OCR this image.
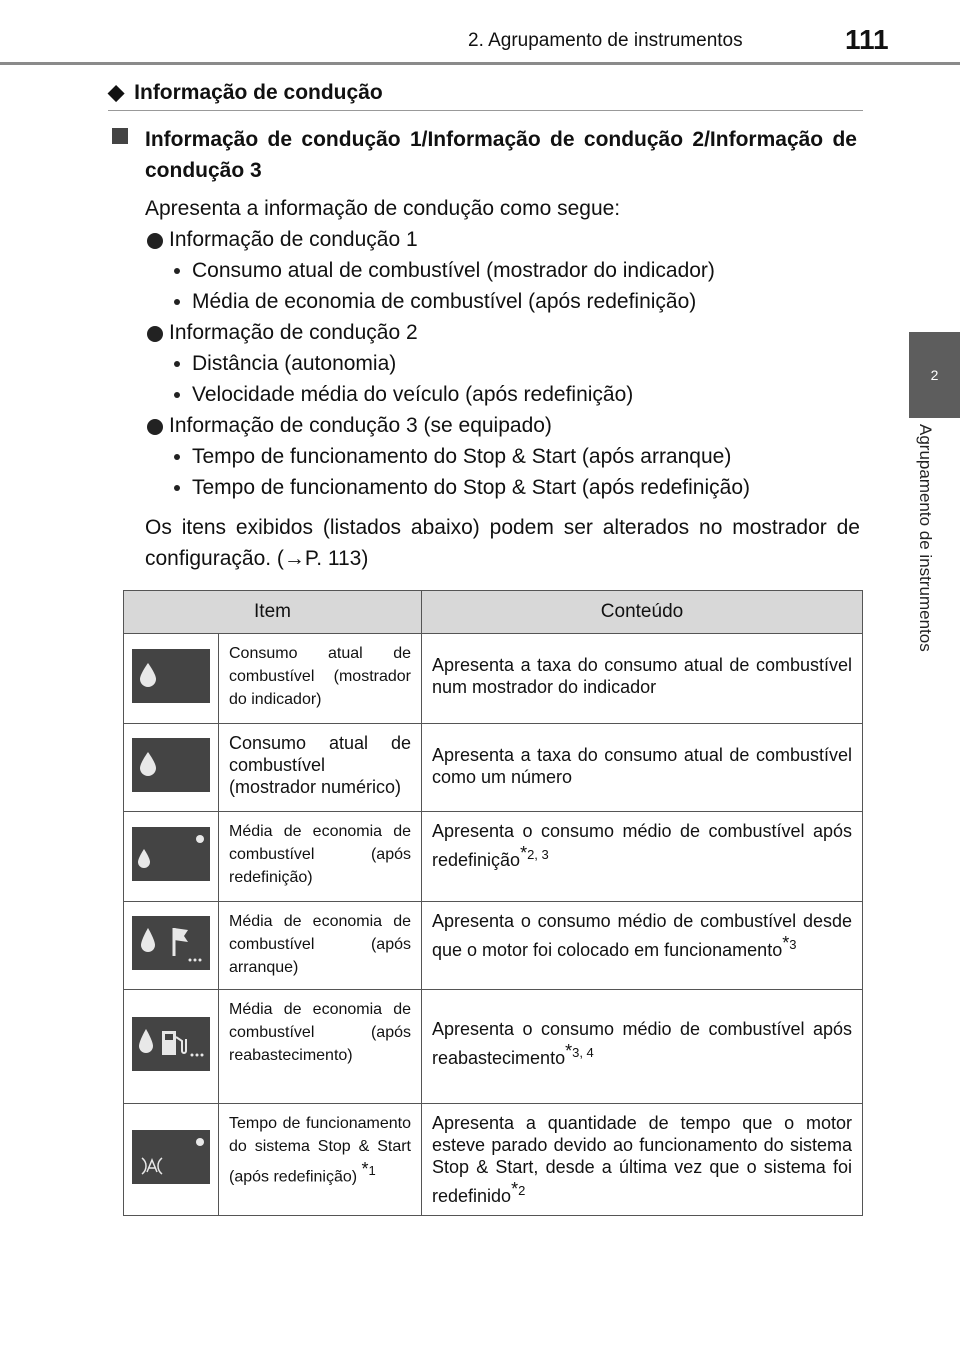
2. Agrupamento de instrumentos	111
2
Agrupamento de instrumentos
◆ Informação de condução
Informação de condução 1/Informação de condução 2/Informação de condução 3
Apresenta a informação de condução como segue:
Informação de condução 1
Consumo atual de combustível (mostrador do indicador)
Média de economia de combustível (após redefinição)
Informação de condução 2
Distância (autonomia)
Velocidade média do veículo (após redefinição)
Informação de condução 3 (se equipado)
Tempo de funcionamento do Stop & Start (após arranque)
Tempo de funcionamento do Stop & Start (após redefinição)
Os itens exibidos (listados abaixo) podem ser alterados no mostrador de configuração. (→P. 113)
Item		Conteúdo
	Consumo atual de combustível (mostrador do indicador)	Apresenta a taxa do consumo atual de combustível num mostrador do indicador
	Consumo atual de combustível (mostrador numérico)	Apresenta a taxa do consumo atual de combustível como um número
	Média de economia de combustível (após redefinição)	Apresenta o consumo médio de combustível após redefinição*$^{2, 3}$
	Média de economia de combustível (após arranque)	Apresenta o consumo médio de combustível desde que o motor foi colocado em funcionamento*$^3$
	Média de economia de combustível (após reabastecimento)	Apresenta o consumo médio de combustível após reabastecimento*$^{3, 4}$
	Tempo de funcionamento do sistema Stop & Start (após redefinição) *$^1$	Apresenta a quantidade de tempo que o motor esteve parado devido ao funcionamento do sistema Stop & Start, desde a última vez que o sistema foi redefinido*$^2$
